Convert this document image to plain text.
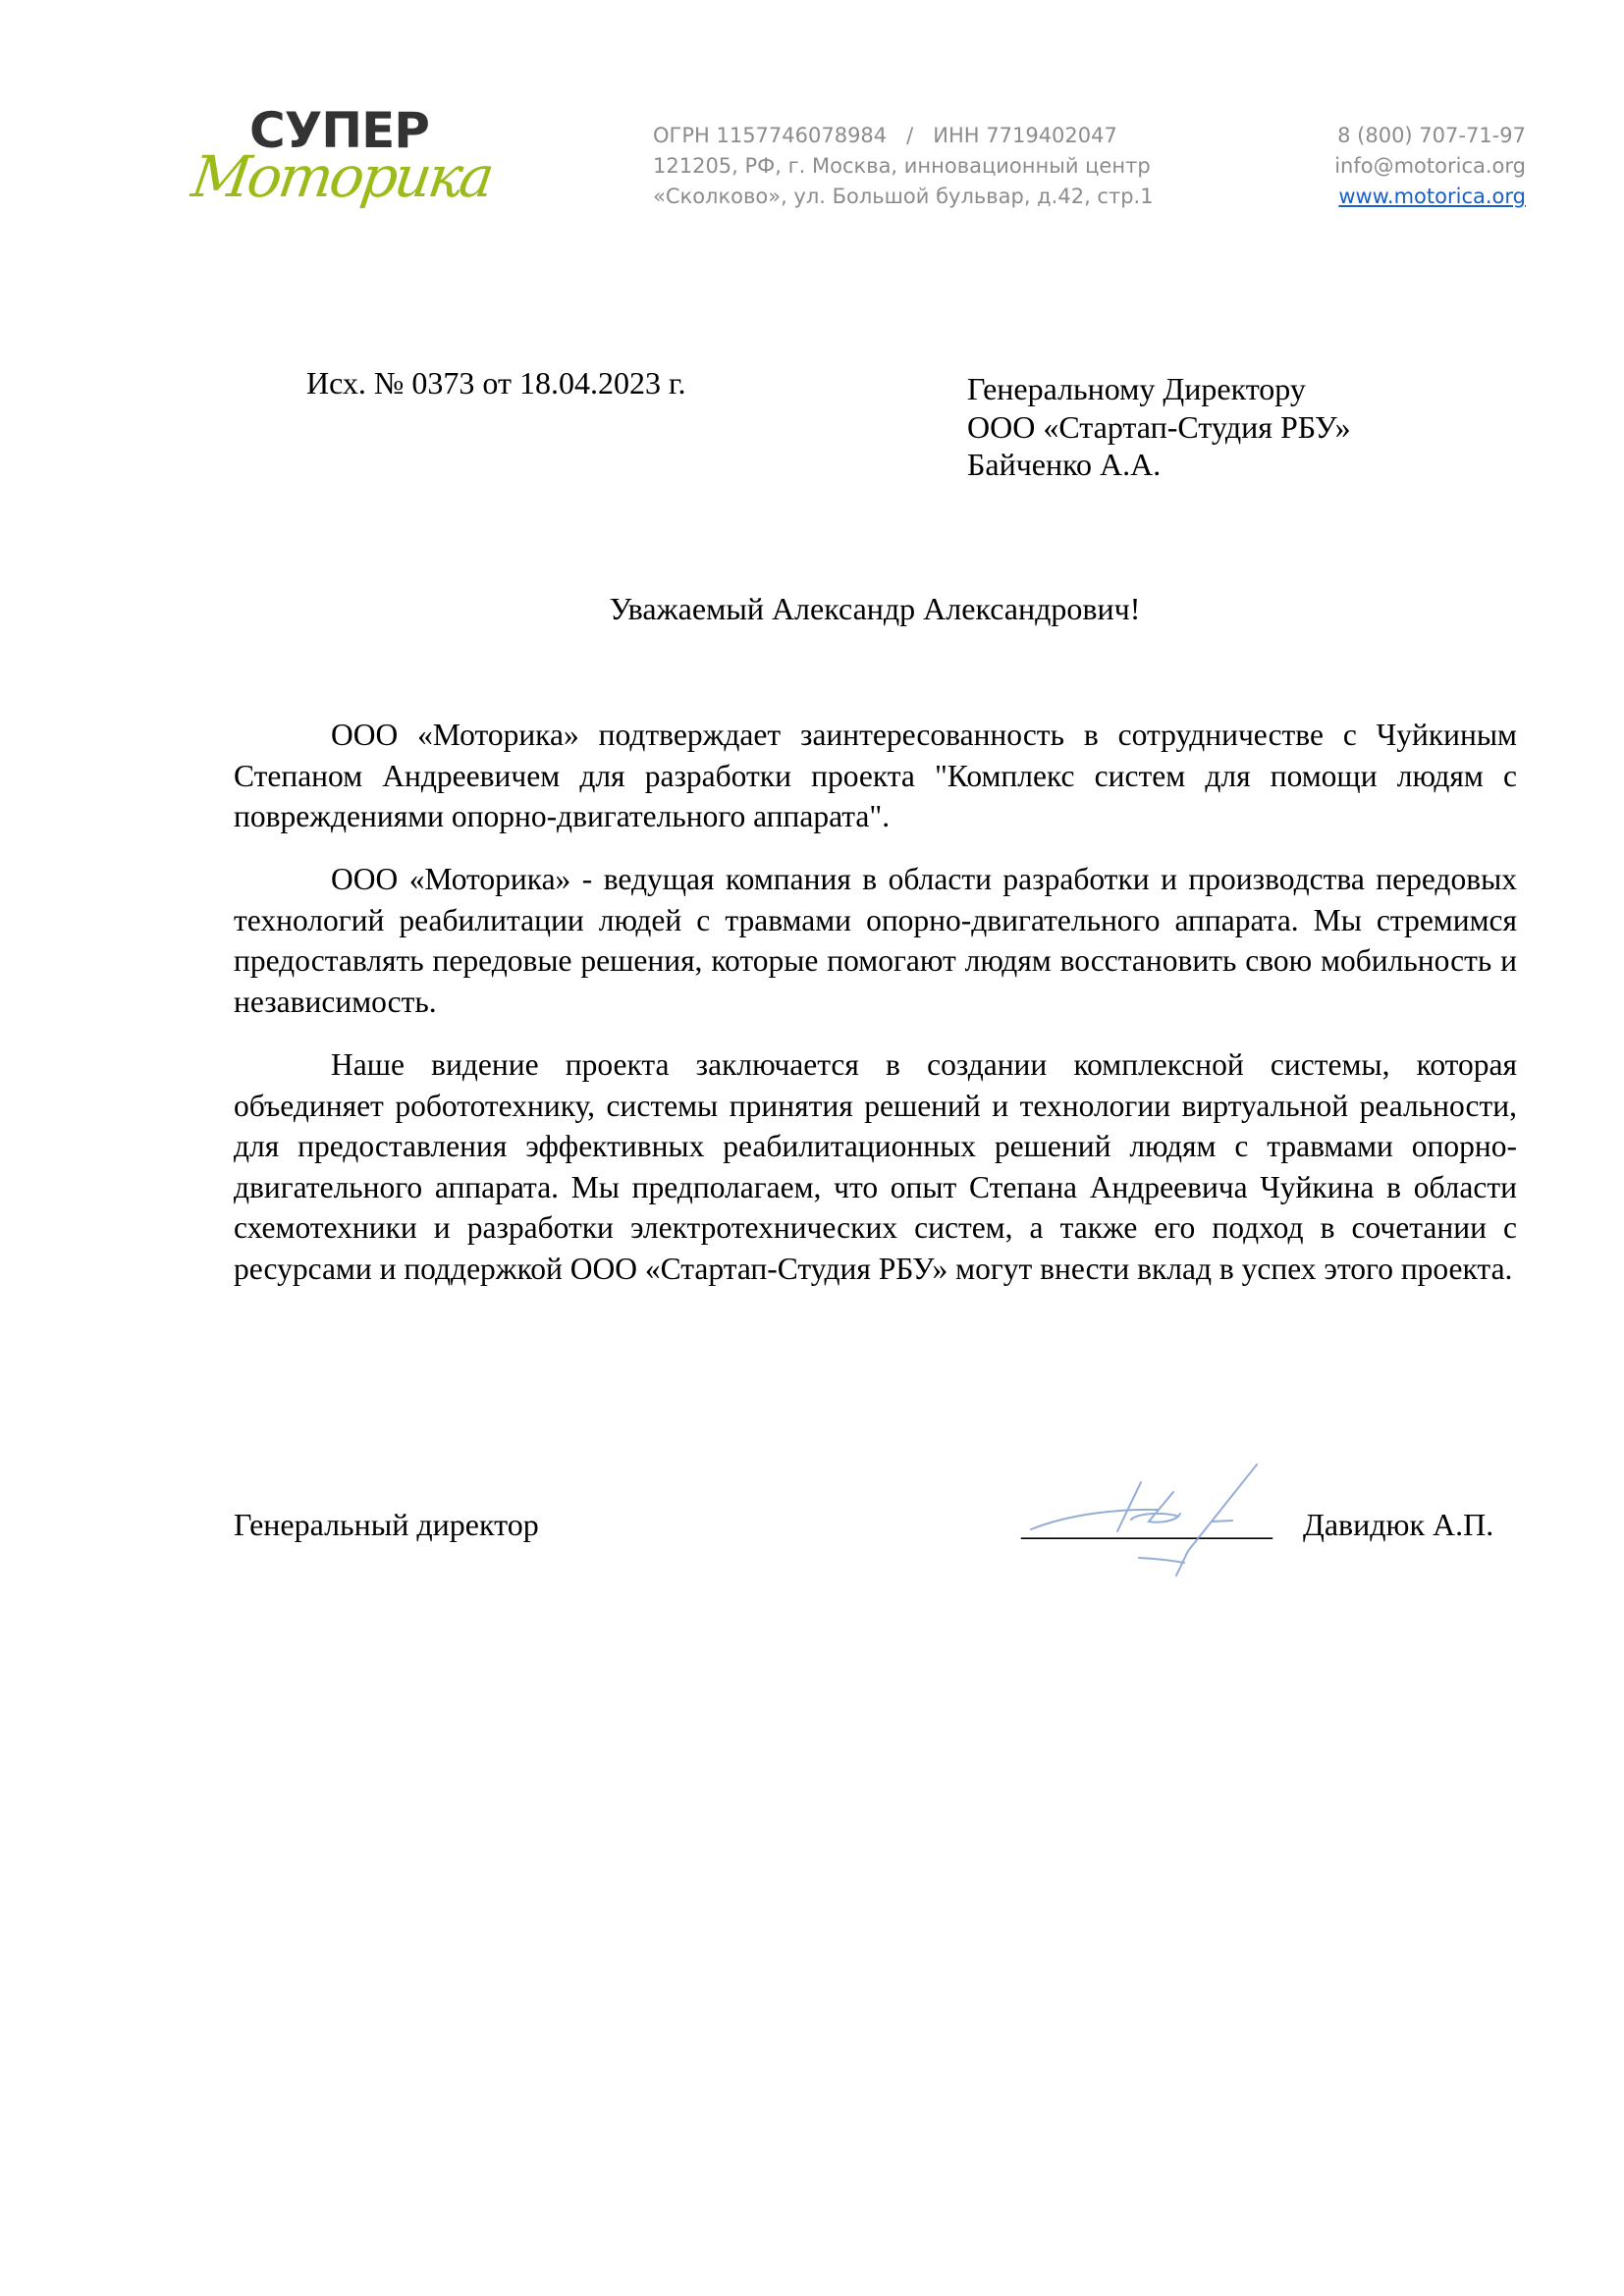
СУПЕР
Моторика
ОГРН 1157746078984   /   ИНН 7719402047
121205, РФ, г. Москва, инновационный центр
«Сколково», ул. Большой бульвар, д.42, стр.1
8 (800) 707-71-97
info@motorica.org
www.motorica.org
Исх. № 0373 от 18.04.2023 г.	Генеральному Директору
ООО «Стартап-Студия РБУ»
Байченко А.А.
Уважаемый Александр Александрович!

ООО «Моторика» подтверждает заинтересованность в сотрудничестве с Чуйкиным Степаном Андреевичем для разработки проекта "Комплекс систем для помощи людям с повреждениями опорно-двигательного аппарата".

ООО «Моторика» - ведущая компания в области разработки и производства передовых технологий реабилитации людей с травмами опорно-двигательного аппарата. Мы стремимся предоставлять передовые решения, которые помогают людям восстановить свою мобильность и независимость.

Наше видение проекта заключается в создании комплексной системы, которая объединяет робототехнику, системы принятия решений и технологии виртуальной реальности, для предоставления эффективных реабилитационных решений людям с травмами опорно-двигательного аппарата. Мы предполагаем, что опыт Степана Андреевича Чуйкина в области схемотехники и разработки электротехнических систем, а также его подход в сочетании с ресурсами и поддержкой ООО «Стартап-Студия РБУ» могут внести вклад в успех этого проекта.

Генеральный директор	________________ Давидюк А.П.
